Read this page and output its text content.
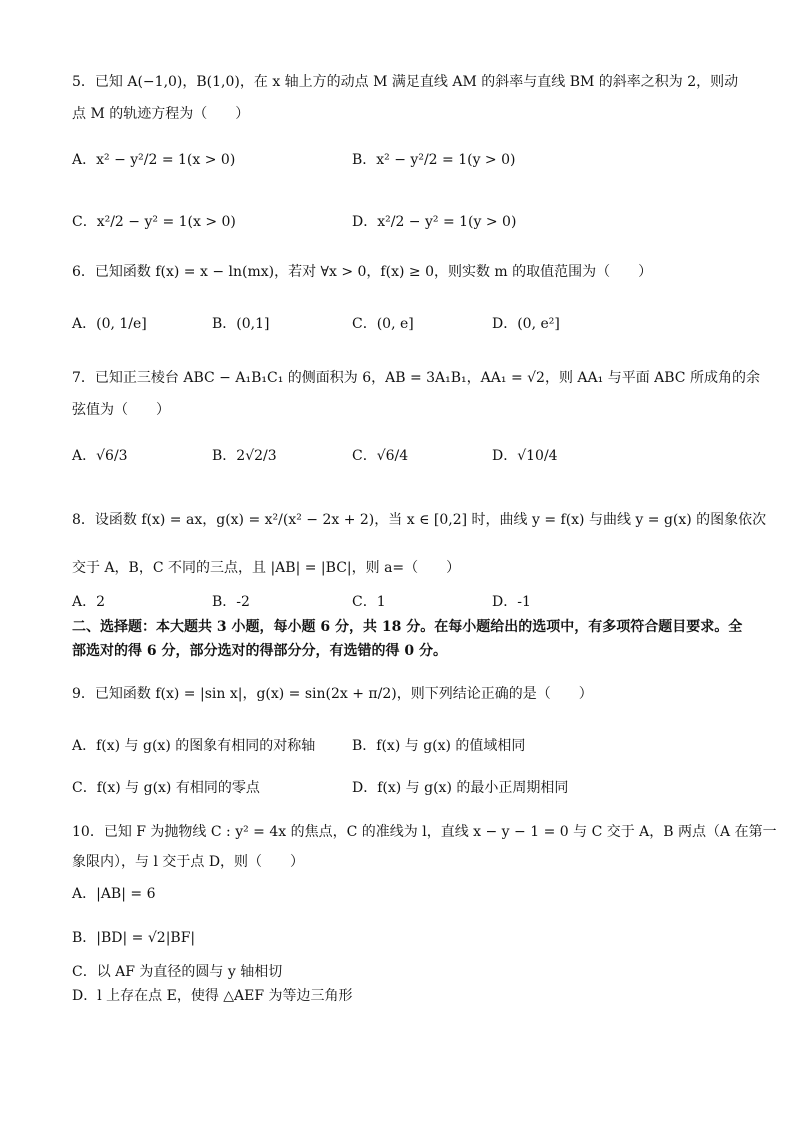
5．已知 A(−1,0)，B(1,0)，在 x 轴上方的动点 M 满足直线 AM 的斜率与直线 BM 的斜率之积为 2，则动
点 M 的轨迹方程为（　　）
A．x² − y²/2 = 1(x > 0)	B．x² − y²/2 = 1(y > 0)
C．x²/2 − y² = 1(x > 0)	D．x²/2 − y² = 1(y > 0)
6．已知函数 f(x) = x − ln(mx)，若对 ∀x > 0，f(x) ≥ 0，则实数 m 的取值范围为（　　）
A．(0, 1/e]	B．(0,1]	C．(0, e]	D．(0, e²]
7．已知正三棱台 ABC − A₁B₁C₁ 的侧面积为 6，AB = 3A₁B₁，AA₁ = √2，则 AA₁ 与平面 ABC 所成角的余
弦值为（　　）
A．√6/3	B．2√2/3	C．√6/4	D．√10/4
8．设函数 f(x) = ax，g(x) = x²/(x² − 2x + 2)，当 x ∈ [0,2] 时，曲线 y = f(x) 与曲线 y = g(x) 的图象依次
交于 A，B，C 不同的三点，且 |AB| = |BC|，则 a=（　　）
A．2	B．-2	C．1	D．-1
二、选择题：本大题共 3 小题，每小题 6 分，共 18 分。在每小题给出的选项中，有多项符合题目要求。全
部选对的得 6 分，部分选对的得部分分，有选错的得 0 分。
9．已知函数 f(x) = |sin x|，g(x) = sin(2x + π/2)，则下列结论正确的是（　　）
A．f(x) 与 g(x) 的图象有相同的对称轴	B．f(x) 与 g(x) 的值域相同
C．f(x) 与 g(x) 有相同的零点	D．f(x) 与 g(x) 的最小正周期相同
10．已知 F 为抛物线 C : y² = 4x 的焦点，C 的准线为 l，直线 x − y − 1 = 0 与 C 交于 A，B 两点（A 在第一
象限内），与 l 交于点 D，则（　　）
A．|AB| = 6
B．|BD| = √2|BF|
C．以 AF 为直径的圆与 y 轴相切
D．l 上存在点 E，使得 △AEF 为等边三角形
